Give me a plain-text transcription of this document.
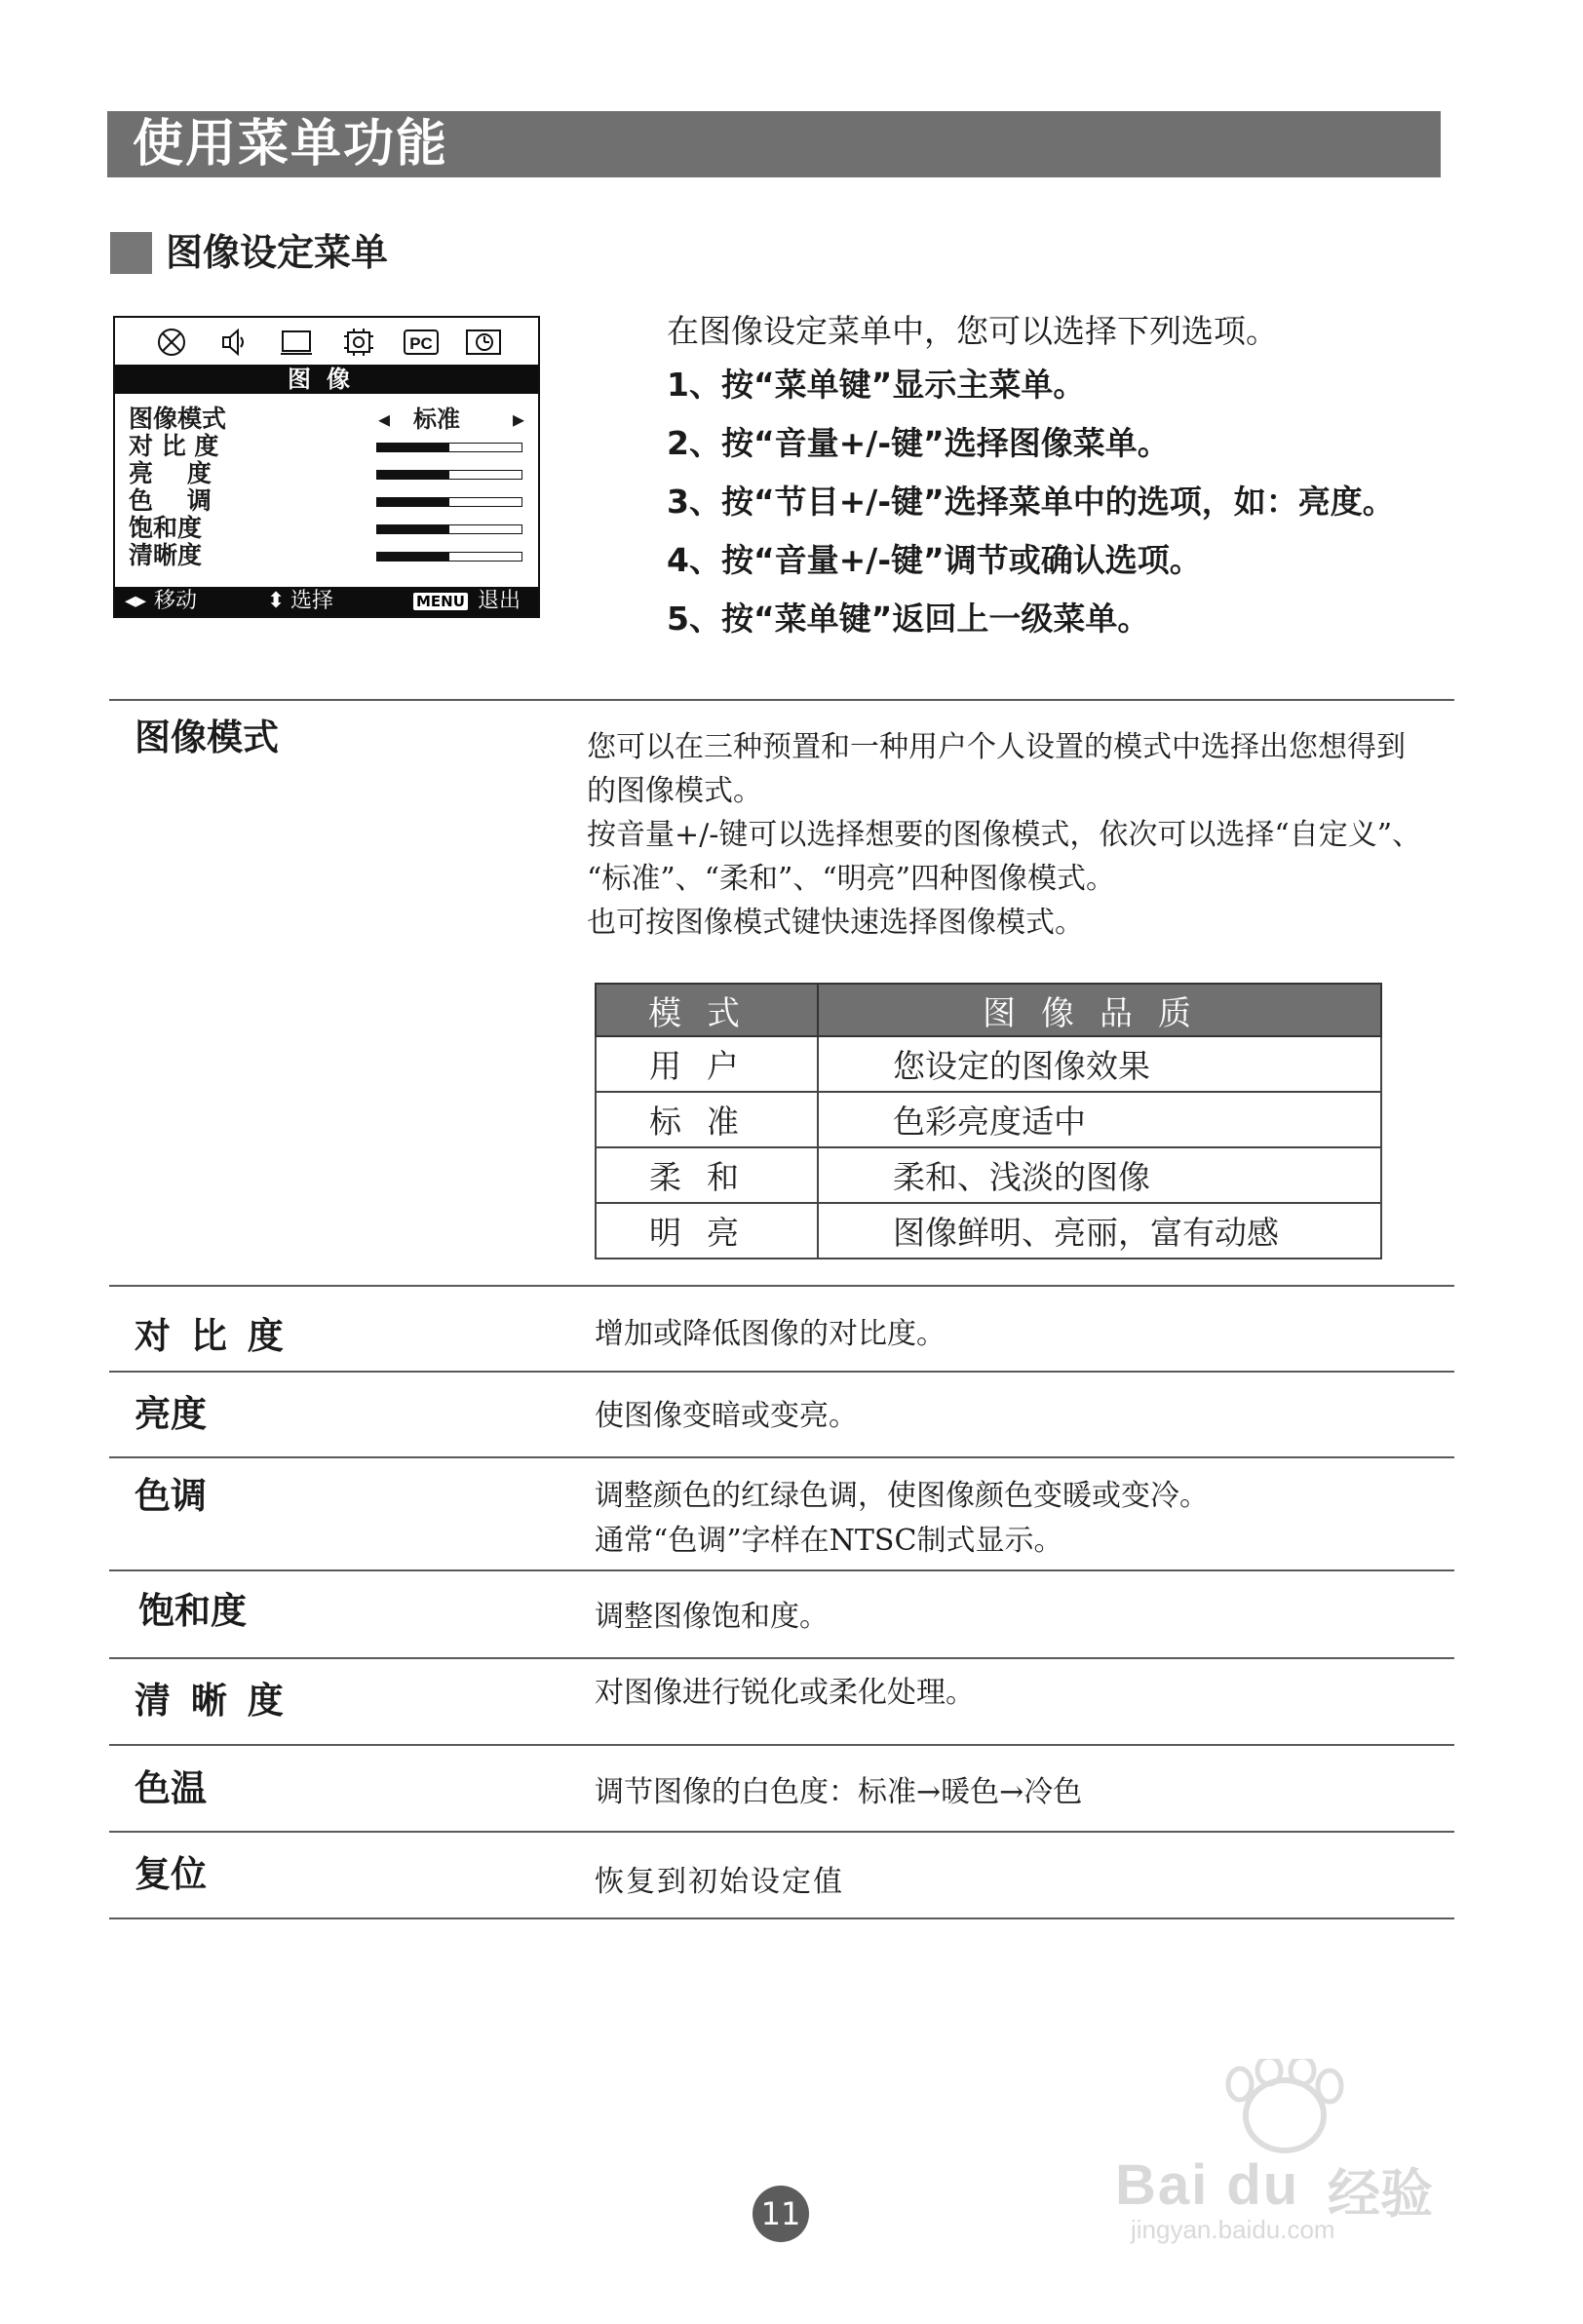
使用菜单功能
图像设定菜单
PC
图像
图像模式	◂ 标准 ▸
对 比 度
亮    度
色    调
饱和度
清晰度
◂▸ 移动	⬍ 选择	MENU 退出
在图像设定菜单中，您可以选择下列选项。
1、按“菜单键”显示主菜单。
2、按“音量+/-键”选择图像菜单。
3、按“节目+/-键”选择菜单中的选项，如：亮度。
4、按“音量+/-键”调节或确认选项。
5、按“菜单键”返回上一级菜单。
图像模式	您可以在三种预置和一种用户个人设置的模式中选择出您想得到
的图像模式。
按音量+/-键可以选择想要的图像模式，依次可以选择“自定义”、
“标准”、“柔和”、“明亮”四种图像模式。
也可按图像模式键快速选择图像模式。
模式	图像品质
用户	您设定的图像效果
标准	色彩亮度适中
柔和	柔和、浅淡的图像
明亮	图像鲜明、亮丽，富有动感
对 比 度	增加或降低图像的对比度。
亮度	使图像变暗或变亮。
色调	调整颜色的红绿色调，使图像颜色变暖或变冷。
通常“色调”字样在NTSC制式显示。
饱和度	调整图像饱和度。
清 晰 度	对图像进行锐化或柔化处理。
色温	调节图像的白色度：标准→暖色→冷色
复位	恢复到初始设定值
11	Bai du 经验
jingyan.baidu.com
